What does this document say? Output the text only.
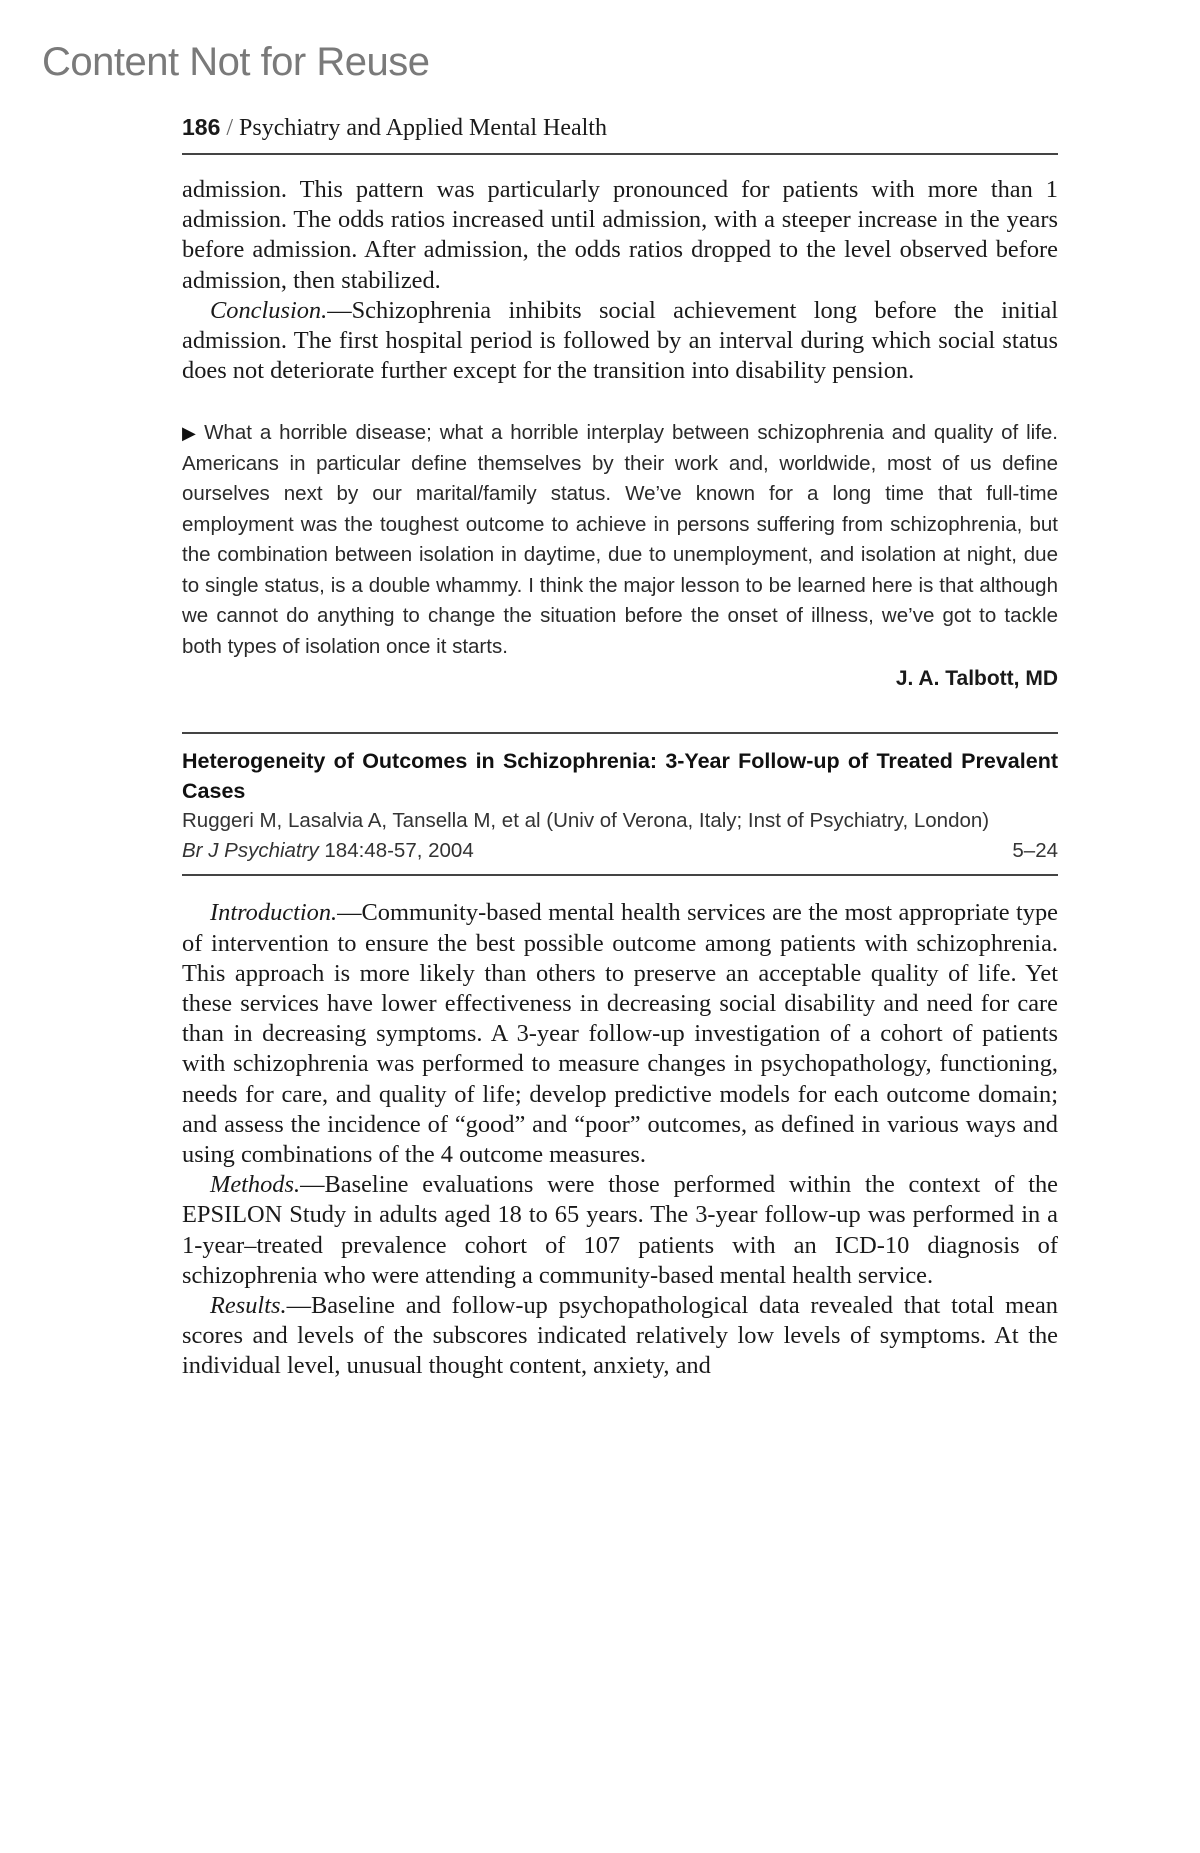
Content Not for Reuse
186 / Psychiatry and Applied Mental Health

admission. This pattern was particularly pronounced for patients with more than 1 admission. The odds ratios increased until admission, with a steeper increase in the years before admission. After admission, the odds ratios dropped to the level observed before admission, then stabilized.

Conclusion.—Schizophrenia inhibits social achievement long before the initial admission. The first hospital period is followed by an interval during which social status does not deteriorate further except for the transition into disability pension.

▶ What a horrible disease; what a horrible interplay between schizophrenia and quality of life. Americans in particular define themselves by their work and, worldwide, most of us define ourselves next by our marital/family status. We’ve known for a long time that full-time employment was the toughest outcome to achieve in persons suffering from schizophrenia, but the combination between isolation in daytime, due to unemployment, and isolation at night, due to single status, is a double whammy. I think the major lesson to be learned here is that although we cannot do anything to change the situation before the onset of illness, we’ve got to tackle both types of isolation once it starts.
J. A. Talbott, MD
Heterogeneity of Outcomes in Schizophrenia: 3-Year Follow-up of Treated Prevalent Cases
Ruggeri M, Lasalvia A, Tansella M, et al (Univ of Verona, Italy; Inst of Psychiatry, London)
Br J Psychiatry 184:48-57, 2004	5–24

Introduction.—Community-based mental health services are the most appropriate type of intervention to ensure the best possible outcome among patients with schizophrenia. This approach is more likely than others to preserve an acceptable quality of life. Yet these services have lower effectiveness in decreasing social disability and need for care than in decreasing symptoms. A 3-year follow-up investigation of a cohort of patients with schizophrenia was performed to measure changes in psychopathology, functioning, needs for care, and quality of life; develop predictive models for each outcome domain; and assess the incidence of “good” and “poor” outcomes, as defined in various ways and using combinations of the 4 outcome measures.

Methods.—Baseline evaluations were those performed within the context of the EPSILON Study in adults aged 18 to 65 years. The 3-year follow-up was performed in a 1-year–treated prevalence cohort of 107 patients with an ICD-10 diagnosis of schizophrenia who were attending a community-based mental health service.

Results.—Baseline and follow-up psychopathological data revealed that total mean scores and levels of the subscores indicated relatively low levels of symptoms. At the individual level, unusual thought content, anxiety, and
